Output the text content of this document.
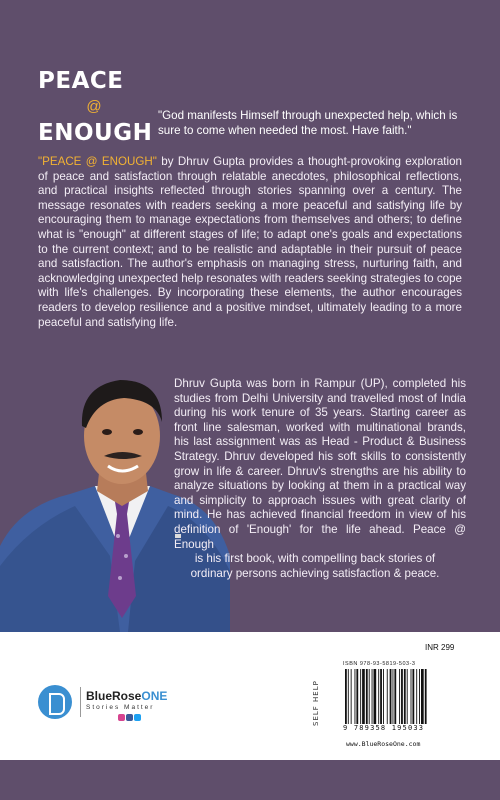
PEACE
@
ENOUGH
"God manifests Himself through unexpected help, which is sure to come when needed the most. Have faith."
"PEACE @ ENOUGH" by Dhruv Gupta provides a thought-provoking exploration of peace and satisfaction through relatable anecdotes, philosophical reflections, and practical insights reflected through stories spanning over a century. The message resonates with readers seeking a more peaceful and satisfying life by encouraging them to manage expectations from themselves and others; to define what is "enough" at different stages of life; to adapt one's goals and expectations to the current context; and to be realistic and adaptable in their pursuit of peace and satisfaction. The author's emphasis on managing stress, nurturing faith, and acknowledging unexpected help resonates with readers seeking strategies to cope with life's challenges. By incorporating these elements, the author encourages readers to develop resilience and a positive mindset, ultimately leading to a more peaceful and satisfying life.
Dhruv Gupta was born in Rampur (UP), completed his studies from Delhi University and travelled most of India during his work tenure of 35 years. Starting career as front line salesman, worked with multinational brands, his last assignment was as Head - Product & Business Strategy. Dhruv developed his soft skills to consistently grow in life & career. Dhruv's strengths are his ability to analyze situations by looking at them in a practical way and simplicity to approach issues with great clarity of mind. He has achieved financial freedom in view of his definition of 'Enough' for the life ahead. Peace @ Enough
is his first book, with compelling back stories of ordinary persons achieving satisfaction & peace.
BlueRoseONE
Stories Matter	SELF HELP
INR 299
ISBN 978-93-5819-503-3
9 789358 195033
www.BlueRoseOne.com
